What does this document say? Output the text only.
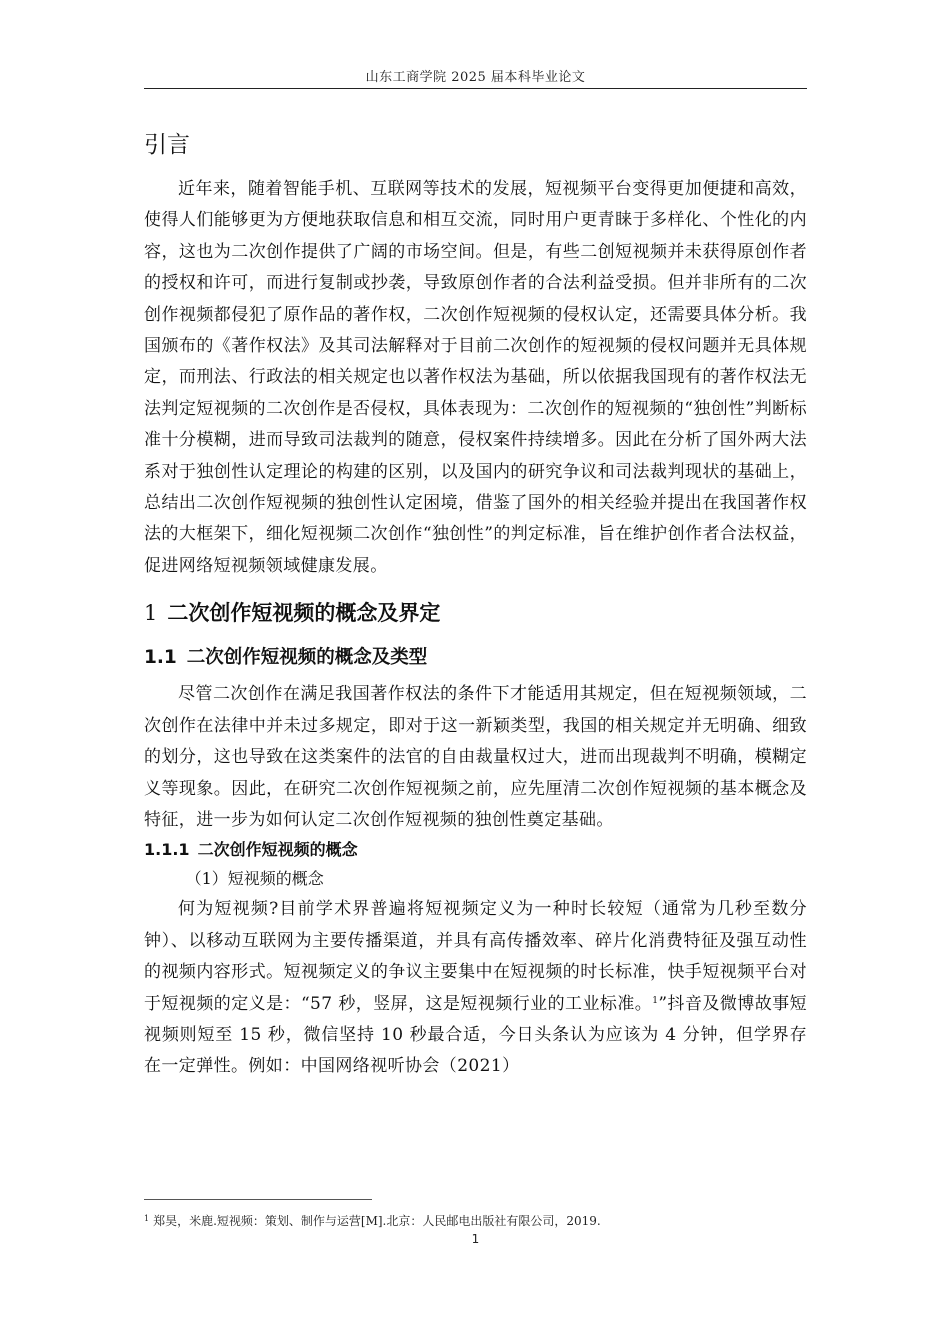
山东工商学院 2025 届本科毕业论文
引言

近年来，随着智能手机、互联网等技术的发展，短视频平台变得更加便捷和高效，使得人们能够更为方便地获取信息和相互交流，同时用户更青睐于多样化、个性化的内容，这也为二次创作提供了广阔的市场空间。但是，有些二创短视频并未获得原创作者的授权和许可，而进行复制或抄袭，导致原创作者的合法利益受损。但并非所有的二次创作视频都侵犯了原作品的著作权，二次创作短视频的侵权认定，还需要具体分析。我国颁布的《著作权法》及其司法解释对于目前二次创作的短视频的侵权问题并无具体规定，而刑法、行政法的相关规定也以著作权法为基础，所以依据我国现有的著作权法无法判定短视频的二次创作是否侵权，具体表现为：二次创作的短视频的“独创性”判断标准十分模糊，进而导致司法裁判的随意，侵权案件持续增多。因此在分析了国外两大法系对于独创性认定理论的构建的区别，以及国内的研究争议和司法裁判现状的基础上，总结出二次创作短视频的独创性认定困境，借鉴了国外的相关经验并提出在我国著作权法的大框架下，细化短视频二次创作“独创性”的判定标准，旨在维护创作者合法权益，促进网络短视频领域健康发展。

1 二次创作短视频的概念及界定
1.1 二次创作短视频的概念及类型

尽管二次创作在满足我国著作权法的条件下才能适用其规定，但在短视频领域，二次创作在法律中并未过多规定，即对于这一新颖类型，我国的相关规定并无明确、细致的划分，这也导致在这类案件的法官的自由裁量权过大，进而出现裁判不明确，模糊定义等现象。因此，在研究二次创作短视频之前，应先厘清二次创作短视频的基本概念及特征，进一步为如何认定二次创作短视频的独创性奠定基础。

1.1.1 二次创作短视频的概念

（1）短视频的概念

何为短视频?目前学术界普遍将短视频定义为一种时长较短（通常为几秒至数分钟）、以移动互联网为主要传播渠道，并具有高传播效率、碎片化消费特征及强互动性的视频内容形式。短视频定义的争议主要集中在短视频的时长标准，快手短视频平台对于短视频的定义是：“57 秒，竖屏，这是短视频行业的工业标准。$^1$”抖音及微博故事短视频则短至 15 秒，微信坚持 10 秒最合适，今日头条认为应该为 4 分钟，但学界存在一定弹性。例如：中国网络视听协会（2021）

$^1$ 郑昊，米鹿.短视频：策划、制作与运营[M].北京：人民邮电出版社有限公司，2019.
1
